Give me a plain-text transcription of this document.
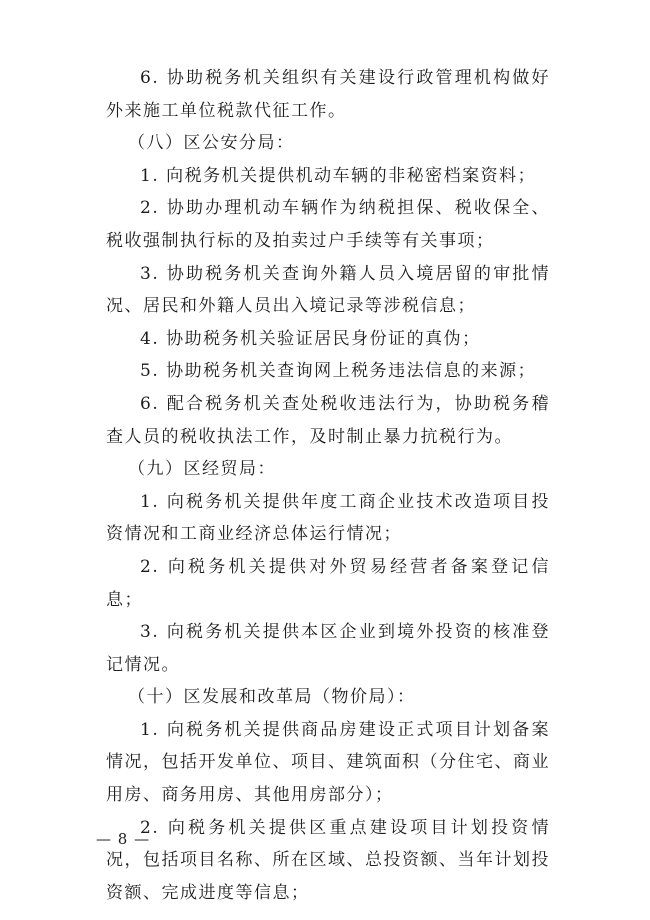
6. 协助税务机关组织有关建设行政管理机构做好外来施工单位税款代征工作。

（八）区公安分局：

1. 向税务机关提供机动车辆的非秘密档案资料；

2. 协助办理机动车辆作为纳税担保、税收保全、税收强制执行标的及拍卖过户手续等有关事项；

3. 协助税务机关查询外籍人员入境居留的审批情况、居民和外籍人员出入境记录等涉税信息；

4. 协助税务机关验证居民身份证的真伪；

5. 协助税务机关查询网上税务违法信息的来源；

6. 配合税务机关查处税收违法行为，协助税务稽查人员的税收执法工作，及时制止暴力抗税行为。

（九）区经贸局：

1. 向税务机关提供年度工商企业技术改造项目投资情况和工商业经济总体运行情况；

2. 向税务机关提供对外贸易经营者备案登记信息；

3. 向税务机关提供本区企业到境外投资的核准登记情况。

（十）区发展和改革局（物价局）：

1. 向税务机关提供商品房建设正式项目计划备案情况，包括开发单位、项目、建筑面积（分住宅、商业用房、商务用房、其他用房部分）；

2. 向税务机关提供区重点建设项目计划投资情况，包括项目名称、所在区域、总投资额、当年计划投资额、完成进度等信息；

— 8 —
